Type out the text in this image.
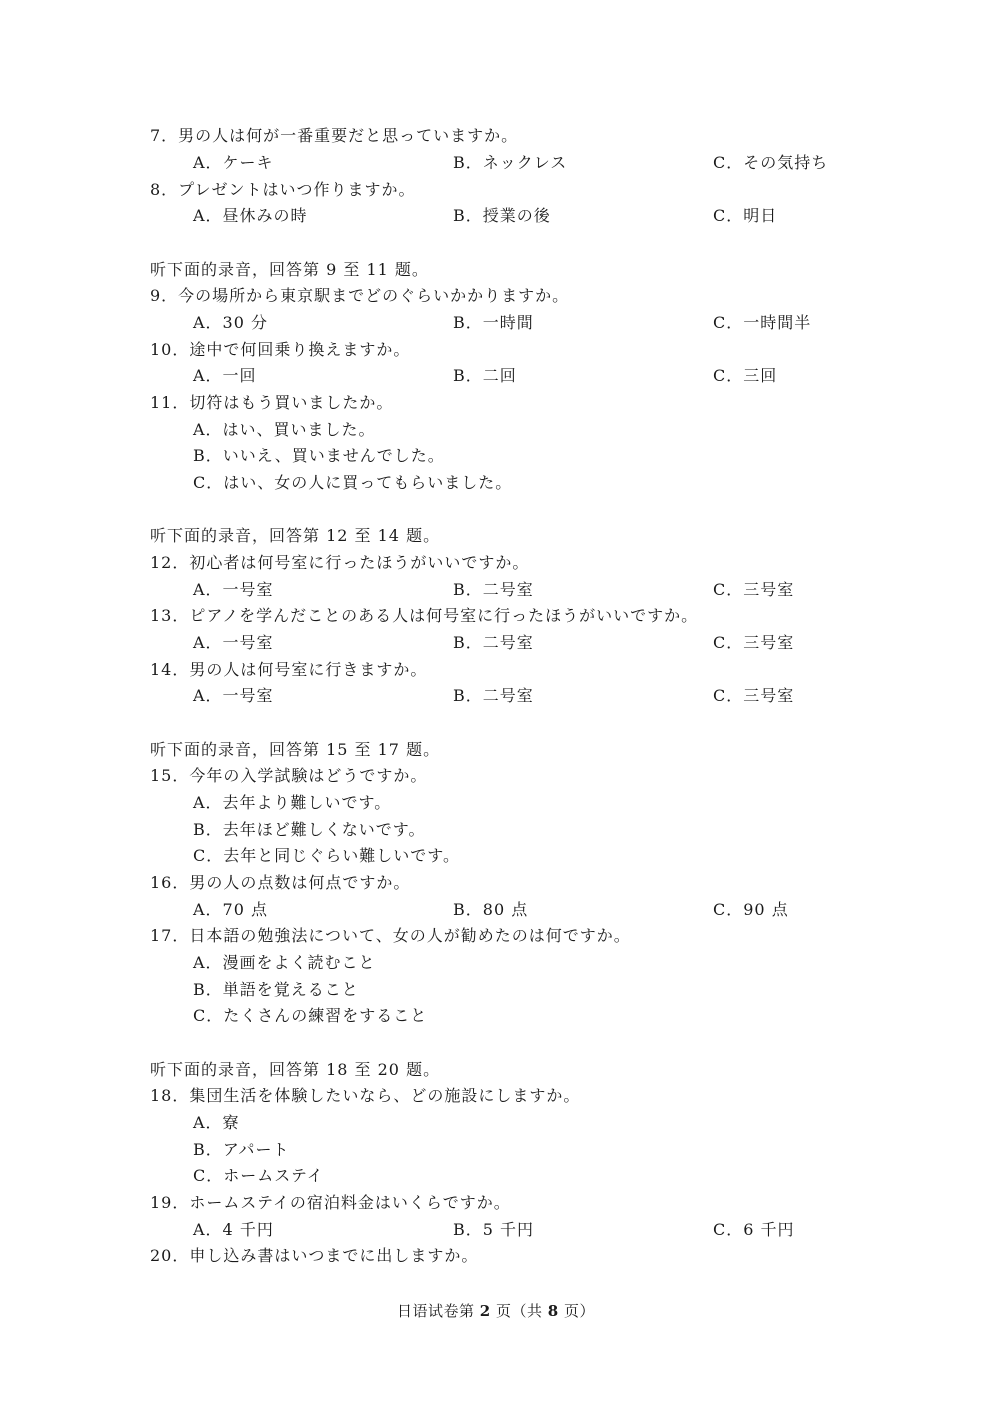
7．男の人は何が一番重要だと思っていますか。
A．ケーキ	B．ネックレス	C．その気持ち
8．プレゼントはいつ作りますか。
A．昼休みの時	B．授業の後	C．明日
听下面的录音，回答第 9 至 11 题。
9．今の場所から東京駅までどのぐらいかかりますか。
A．30 分	B．一時間	C．一時間半
10．途中で何回乗り換えますか。
A．一回	B．二回	C．三回
11．切符はもう買いましたか。
A．はい、買いました。
B．いいえ、買いませんでした。
C．はい、女の人に買ってもらいました。
听下面的录音，回答第 12 至 14 题。
12．初心者は何号室に行ったほうがいいですか。
A．一号室	B．二号室	C．三号室
13．ピアノを学んだことのある人は何号室に行ったほうがいいですか。
A．一号室	B．二号室	C．三号室
14．男の人は何号室に行きますか。
A．一号室	B．二号室	C．三号室
听下面的录音，回答第 15 至 17 题。
15．今年の入学試験はどうですか。
A．去年より難しいです。
B．去年ほど難しくないです。
C．去年と同じぐらい難しいです。
16．男の人の点数は何点ですか。
A．70 点	B．80 点	C．90 点
17．日本語の勉強法について、女の人が勧めたのは何ですか。
A．漫画をよく読むこと
B．単語を覚えること
C．たくさんの練習をすること
听下面的录音，回答第 18 至 20 题。
18．集団生活を体験したいなら、どの施設にしますか。
A．寮
B．アパート
C．ホームステイ
19．ホームステイの宿泊料金はいくらですか。
A．4 千円	B．5 千円	C．6 千円
20．申し込み書はいつまでに出しますか。
日语试卷第 2 页（共 8 页）
